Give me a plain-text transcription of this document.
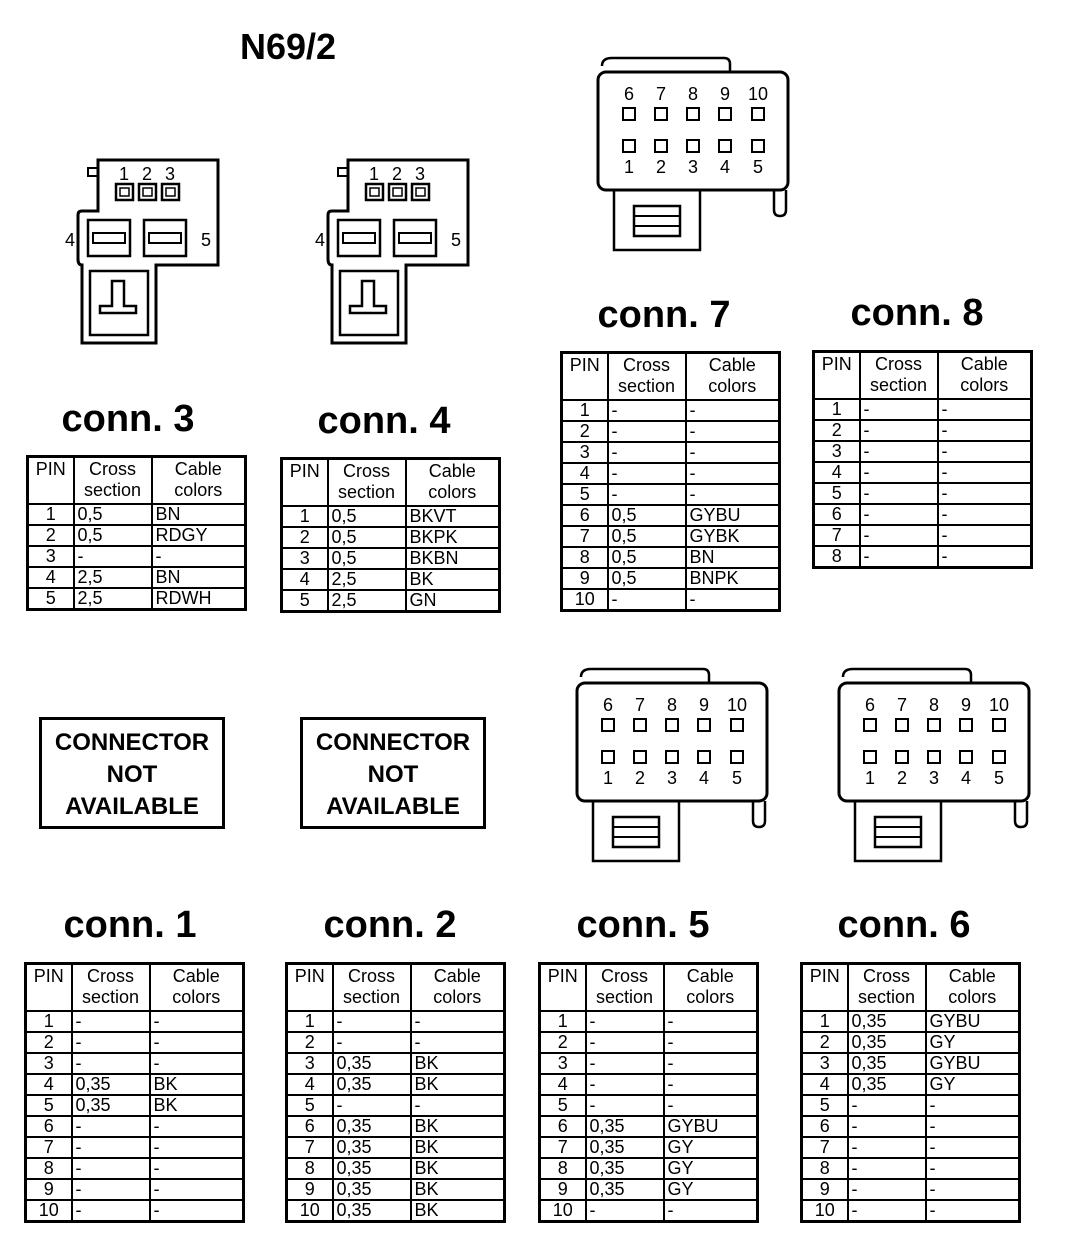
N69/2
1 2 3
4	5
1 2 3
4	5
6
1
7
2
8
3
9
4
10
5
6
1
7
2
8
3
9
4
10
5
6
1
7
2
8
3
9
4
10
5
conn. 3	conn. 4
conn. 7	conn. 8
conn. 1	conn. 2	conn. 5	conn. 6
CONNECTOR
NOT
AVAILABLE
CONNECTOR
NOT
AVAILABLE
PIN	Cross section	Cable colors
1	0,5	BN
2	0,5	RDGY
3	-	-
4	2,5	BN
5	2,5	RDWH
PIN	Cross section	Cable colors
1	0,5	BKVT
2	0,5	BKPK
3	0,5	BKBN
4	2,5	BK
5	2,5	GN
PIN	Cross section	Cable colors
1	-	-
2	-	-
3	-	-
4	-	-
5	-	-
6	0,5	GYBU
7	0,5	GYBK
8	0,5	BN
9	0,5	BNPK
10	-	-
PIN	Cross section	Cable colors
1	-	-
2	-	-
3	-	-
4	-	-
5	-	-
6	-	-
7	-	-
8	-	-
PIN	Cross section	Cable colors
1	-	-
2	-	-
3	-	-
4	0,35	BK
5	0,35	BK
6	-	-
7	-	-
8	-	-
9	-	-
10	-	-
PIN	Cross section	Cable colors
1	-	-
2	-	-
3	0,35	BK
4	0,35	BK
5	-	-
6	0,35	BK
7	0,35	BK
8	0,35	BK
9	0,35	BK
10	0,35	BK
PIN	Cross section	Cable colors
1	-	-
2	-	-
3	-	-
4	-	-
5	-	-
6	0,35	GYBU
7	0,35	GY
8	0,35	GY
9	0,35	GY
10	-	-
PIN	Cross section	Cable colors
1	0,35	GYBU
2	0,35	GY
3	0,35	GYBU
4	0,35	GY
5	-	-
6	-	-
7	-	-
8	-	-
9	-	-
10	-	-
